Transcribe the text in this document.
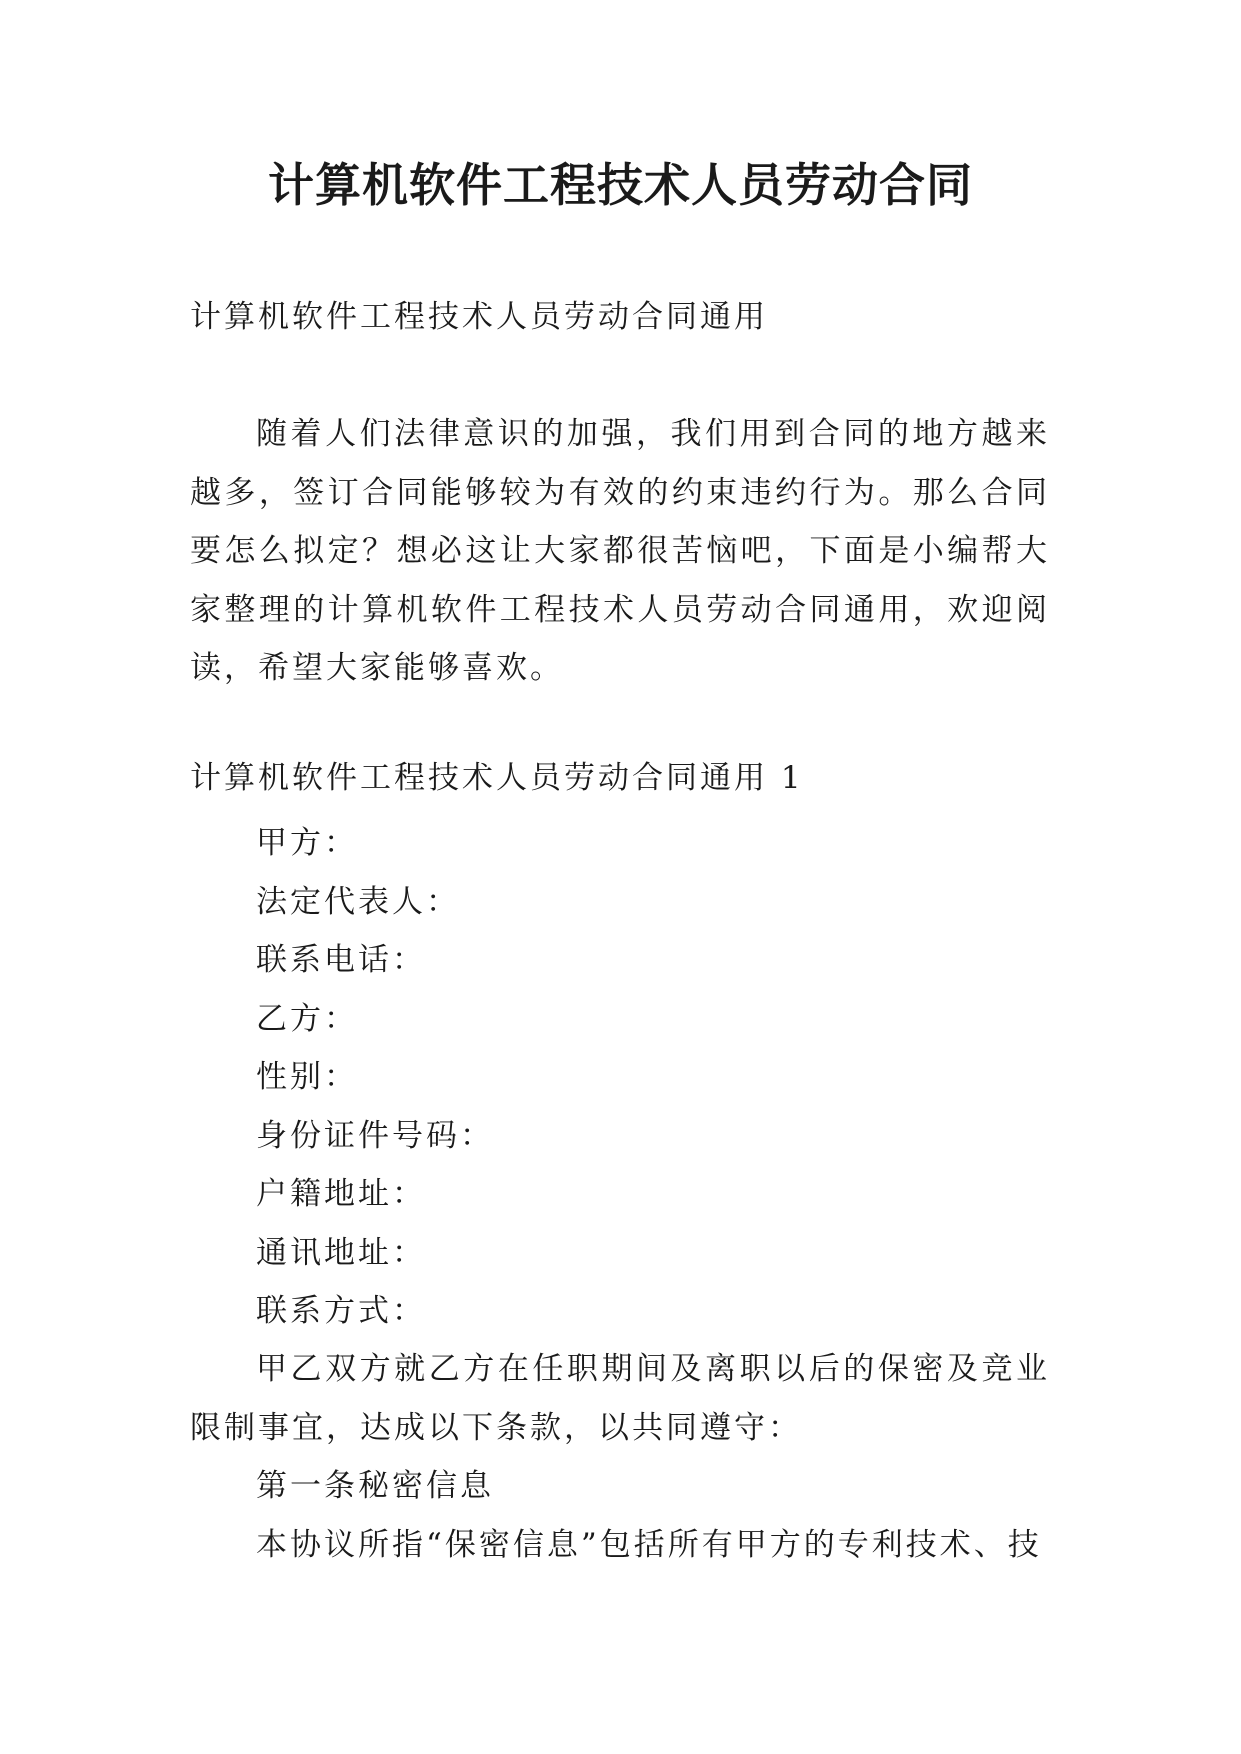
计算机软件工程技术人员劳动合同
计算机软件工程技术人员劳动合同通用

随着人们法律意识的加强，我们用到合同的地方越来越多，签订合同能够较为有效的约束违约行为。那么合同要怎么拟定？想必这让大家都很苦恼吧，下面是小编帮大家整理的计算机软件工程技术人员劳动合同通用，欢迎阅读，希望大家能够喜欢。

计算机软件工程技术人员劳动合同通用 1
甲方：
法定代表人：
联系电话：
乙方：
性别：
身份证件号码：
户籍地址：
通讯地址：
联系方式：

甲乙双方就乙方在任职期间及离职以后的保密及竞业限制事宜，达成以下条款，以共同遵守：

第一条秘密信息
本协议所指“保密信息”包括所有甲方的专利技术、技
